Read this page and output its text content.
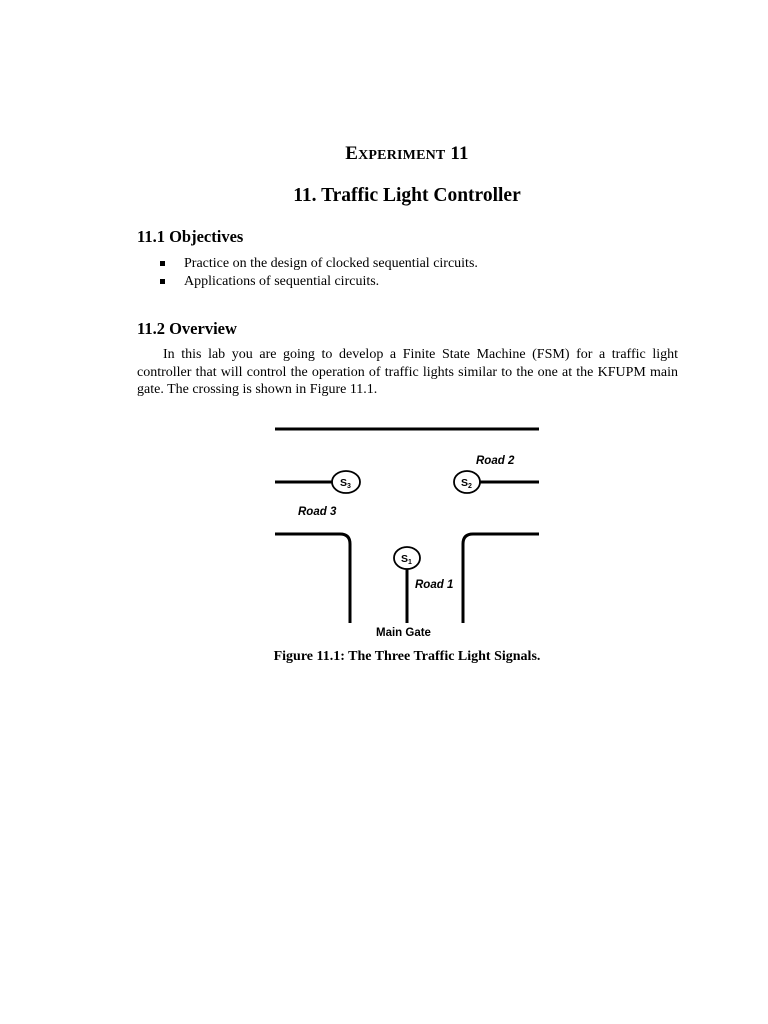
EXPERIMENT 11
11. Traffic Light Controller
11.1 Objectives
Practice on the design of clocked sequential circuits.
Applications of sequential circuits.
11.2 Overview

In this lab you are going to develop a Finite State Machine (FSM) for a traffic light controller that will control the operation of traffic lights similar to the one at the KFUPM main gate. The crossing is shown in Figure 11.1.

S3	S2
S1
Road 2
Road 3
Road 1
Main Gate
Figure 11.1: The Three Traffic Light Signals.
